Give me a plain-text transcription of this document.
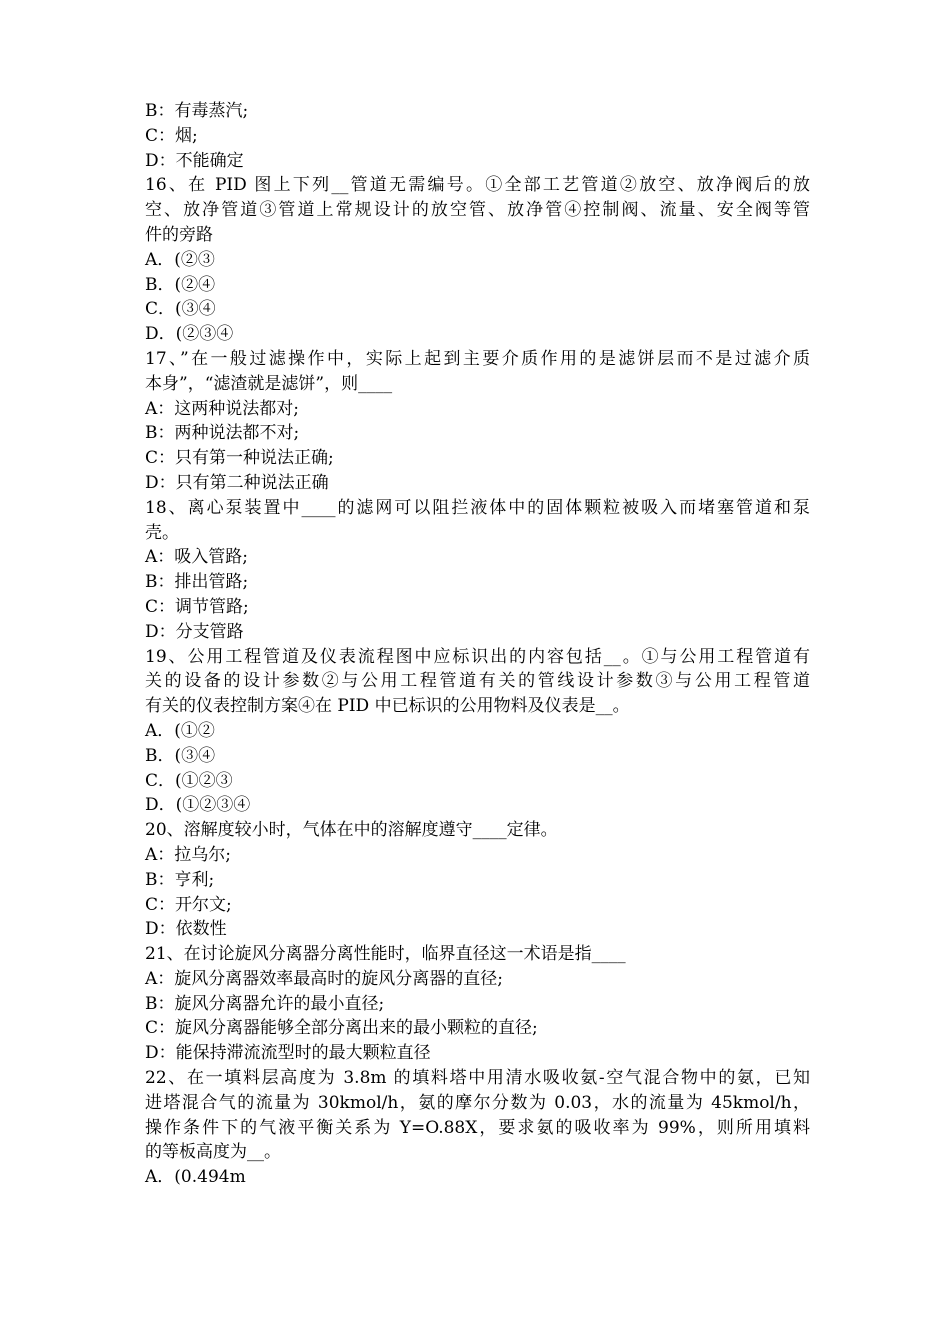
B：有毒蒸汽;
C：烟;
D：不能确定
16、在 PID 图上下列__管道无需编号。①全部工艺管道②放空、放净阀后的放
空、放净管道③管道上常规设计的放空管、放净管④控制阀、流量、安全阀等管
件的旁路
A．(②③
B．(②④
C．(③④
D．(②③④
17、”在一般过滤操作中，实际上起到主要介质作用的是滤饼层而不是过滤介质
本身”，“滤渣就是滤饼”，则____
A：这两种说法都对;
B：两种说法都不对;
C：只有第一种说法正确;
D：只有第二种说法正确
18、离心泵装置中____的滤网可以阻拦液体中的固体颗粒被吸入而堵塞管道和泵
壳。
A：吸入管路;
B：排出管路;
C：调节管路;
D：分支管路
19、公用工程管道及仪表流程图中应标识出的内容包括__。①与公用工程管道有
关的设备的设计参数②与公用工程管道有关的管线设计参数③与公用工程管道
有关的仪表控制方案④在 PID 中已标识的公用物料及仪表是__。
A．(①②
B．(③④
C．(①②③
D．(①②③④
20、溶解度较小时，气体在中的溶解度遵守____定律。
A：拉乌尔;
B：亨利;
C：开尔文;
D：依数性
21、在讨论旋风分离器分离性能时，临界直径这一术语是指____
A：旋风分离器效率最高时的旋风分离器的直径;
B：旋风分离器允许的最小直径;
C：旋风分离器能够全部分离出来的最小颗粒的直径;
D：能保持滞流流型时的最大颗粒直径
22、在一填料层高度为 3.8m 的填料塔中用清水吸收氨-空气混合物中的氨，已知
进塔混合气的流量为 30kmol/h，氨的摩尔分数为 0.03，水的流量为 45kmol/h，
操作条件下的气液平衡关系为 Y=O.88X，要求氨的吸收率为 99%，则所用填料
的等板高度为__。
A．(0.494m
